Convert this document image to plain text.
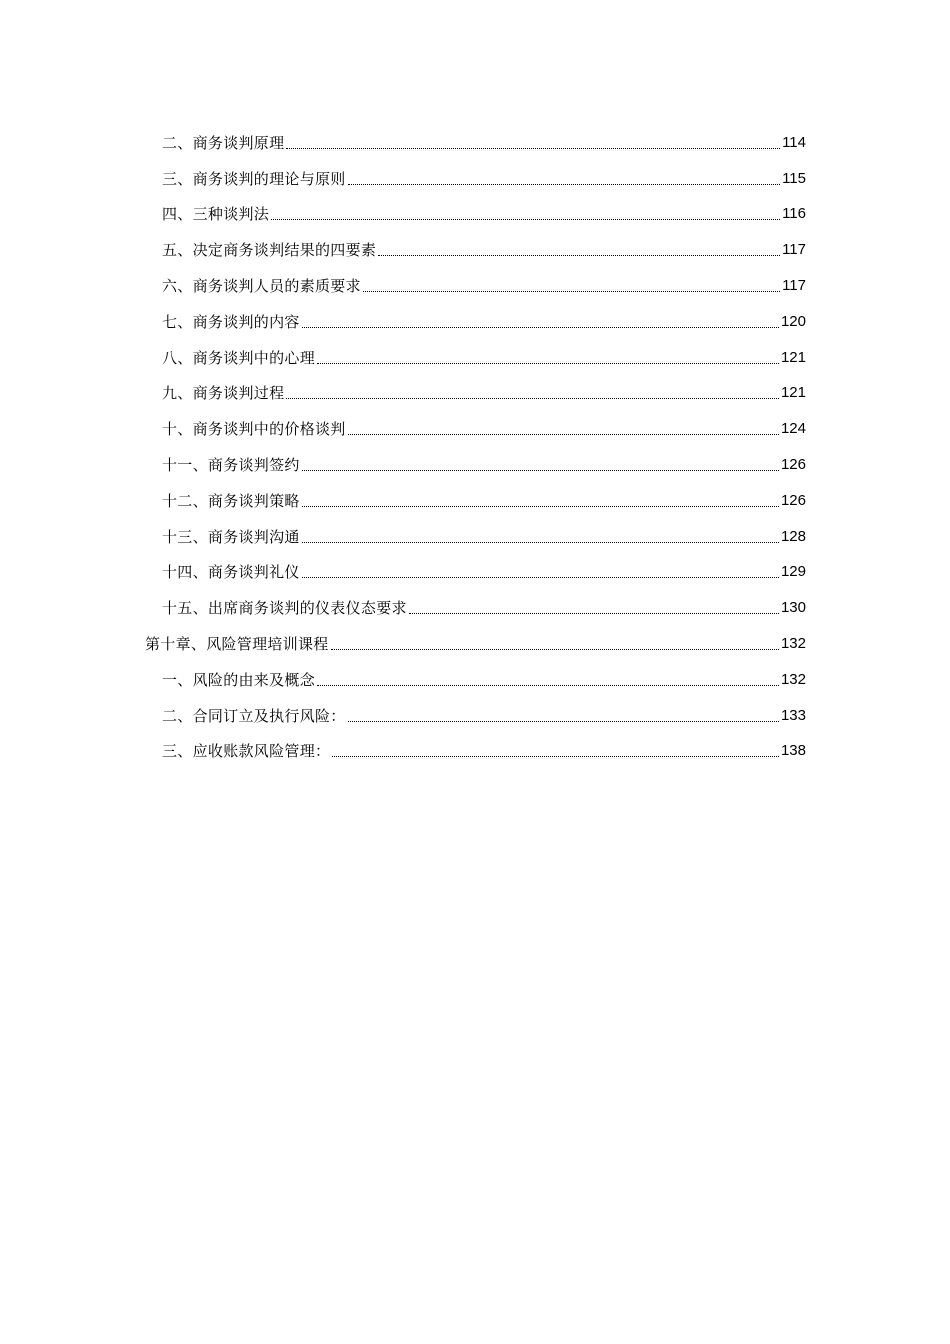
二、商务谈判原理	114
三、商务谈判的理论与原则	115
四、三种谈判法	116
五、决定商务谈判结果的四要素	117
六、商务谈判人员的素质要求	117
七、商务谈判的内容	120
八、商务谈判中的心理	121
九、商务谈判过程	121
十、商务谈判中的价格谈判	124
十一、商务谈判签约	126
十二、商务谈判策略	126
十三、商务谈判沟通	128
十四、商务谈判礼仪	129
十五、出席商务谈判的仪表仪态要求	130
第十章、风险管理培训课程	132
一、风险的由来及概念	132
二、合同订立及执行风险：	133
三、应收账款风险管理：	138
